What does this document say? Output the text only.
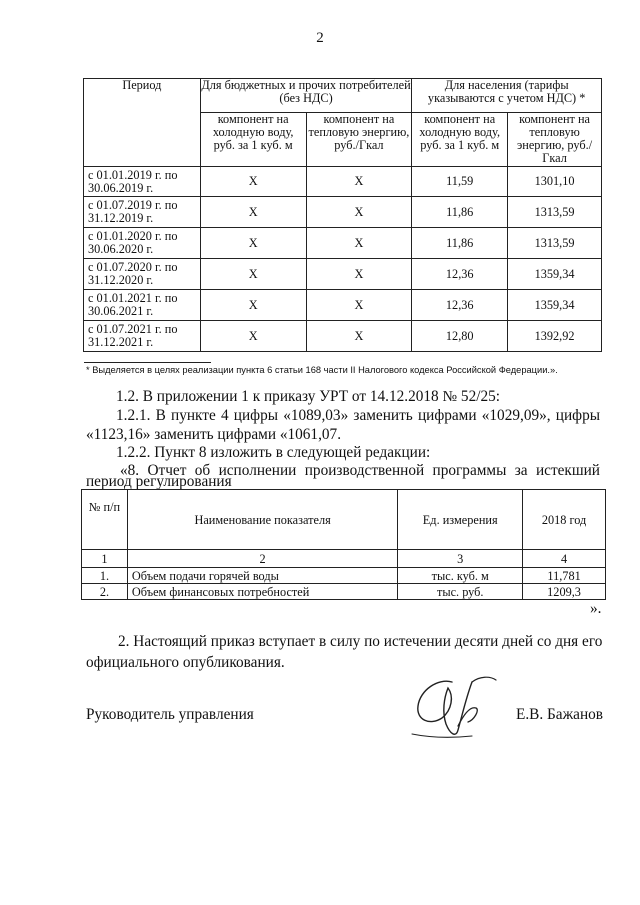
2
Период	Для бюджетных и прочих потребителей (без НДС)		Для населения (тарифы указываются с учетом НДС) *	
	компонент на холодную воду, руб. за 1 куб. м	компонент на тепловую энергию, руб./Гкал	компонент на холодную воду, руб. за 1 куб. м	компонент на тепловую энергию, руб./Гкал
с 01.01.2019 г. по 30.06.2019 г.	X	X	11,59	1301,10
с 01.07.2019 г. по 31.12.2019 г.	X	X	11,86	1313,59
с 01.01.2020 г. по 30.06.2020 г.	X	X	11,86	1313,59
с 01.07.2020 г. по 31.12.2020 г.	X	X	12,36	1359,34
с 01.01.2021 г. по 30.06.2021 г.	X	X	12,36	1359,34
с 01.07.2021 г. по 31.12.2021 г.	X	X	12,80	1392,92
* Выделяется в целях реализации пункта 6 статьи 168 части II Налогового кодекса Российской Федерации.».
1.2. В приложении 1 к приказу УРТ от 14.12.2018 № 52/25:
1.2.1. В пункте 4 цифры «1089,03» заменить цифрами «1029,09», цифры
«1123,16» заменить цифрами «1061,07.
1.2.2. Пункт 8 изложить в следующей редакции:
«8. Отчет об исполнении производственной программы за истекший
период регулирования
№ п/п	Наименование показателя	Ед. измерения	2018 год
1	2	3	4
1.	Объем подачи горячей воды	тыс. куб. м	11,781
2.	Объем финансовых потребностей	тыс. руб.	1209,3
».
2. Настоящий приказ вступает в силу по истечении десяти дней со дня его
официального опубликования.
Руководитель управления	Е.В. Бажанов
